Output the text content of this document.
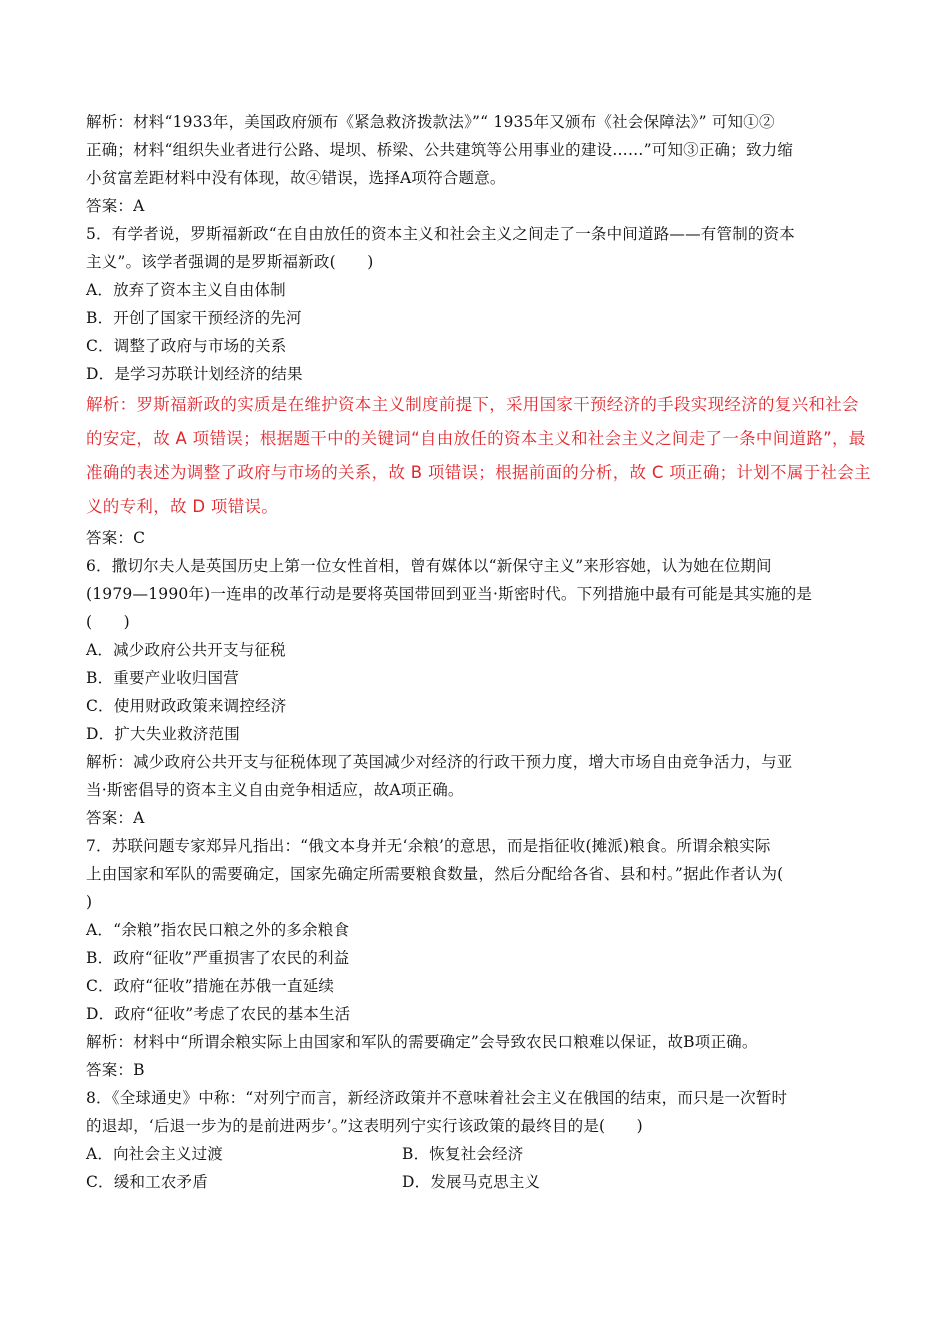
解析：材料“1933年，美国政府颁布《紧急救济拨款法》”“ 1935年又颁布《社会保障法》” 可知①②
正确；材料“组织失业者进行公路、堤坝、桥梁、公共建筑等公用事业的建设……”可知③正确；致力缩
小贫富差距材料中没有体现，故④错误，选择A项符合题意。
答案：A
5．有学者说，罗斯福新政“在自由放任的资本主义和社会主义之间走了一条中间道路——有管制的资本
主义”。该学者强调的是罗斯福新政(　　)
A．放弃了资本主义自由体制
B．开创了国家干预经济的先河
C．调整了政府与市场的关系
D．是学习苏联计划经济的结果
解析：罗斯福新政的实质是在维护资本主义制度前提下，采用国家干预经济的手段实现经济的复兴和社会
的安定，故 A 项错误；根据题干中的关键词“自由放任的资本主义和社会主义之间走了一条中间道路”，最
准确的表述为调整了政府与市场的关系，故 B 项错误；根据前面的分析，故 C 项正确；计划不属于社会主
义的专利，故 D 项错误。
答案：C
6．撒切尔夫人是英国历史上第一位女性首相，曾有媒体以“新保守主义”来形容她，认为她在位期间
(1979—1990年)一连串的改革行动是要将英国带回到亚当·斯密时代。下列措施中最有可能是其实施的是
(　　)
A．减少政府公共开支与征税
B．重要产业收归国营
C．使用财政政策来调控经济
D．扩大失业救济范围
解析：减少政府公共开支与征税体现了英国减少对经济的行政干预力度，增大市场自由竞争活力，与亚
当·斯密倡导的资本主义自由竞争相适应，故A项正确。
答案：A
7．苏联问题专家郑异凡指出：“俄文本身并无‘余粮’的意思，而是指征收(摊派)粮食。所谓余粮实际
上由国家和军队的需要确定，国家先确定所需要粮食数量，然后分配给各省、县和村。”据此作者认为(
)
A．“余粮”指农民口粮之外的多余粮食
B．政府“征收”严重损害了农民的利益
C．政府“征收”措施在苏俄一直延续
D．政府“征收”考虑了农民的基本生活
解析：材料中“所谓余粮实际上由国家和军队的需要确定”会导致农民口粮难以保证，故B项正确。
答案：B
8．《全球通史》中称：“对列宁而言，新经济政策并不意味着社会主义在俄国的结束，而只是一次暂时
的退却，‘后退一步为的是前进两步’。”这表明列宁实行该政策的最终目的是(　　)
A．向社会主义过渡	B．恢复社会经济
C．缓和工农矛盾	D．发展马克思主义
